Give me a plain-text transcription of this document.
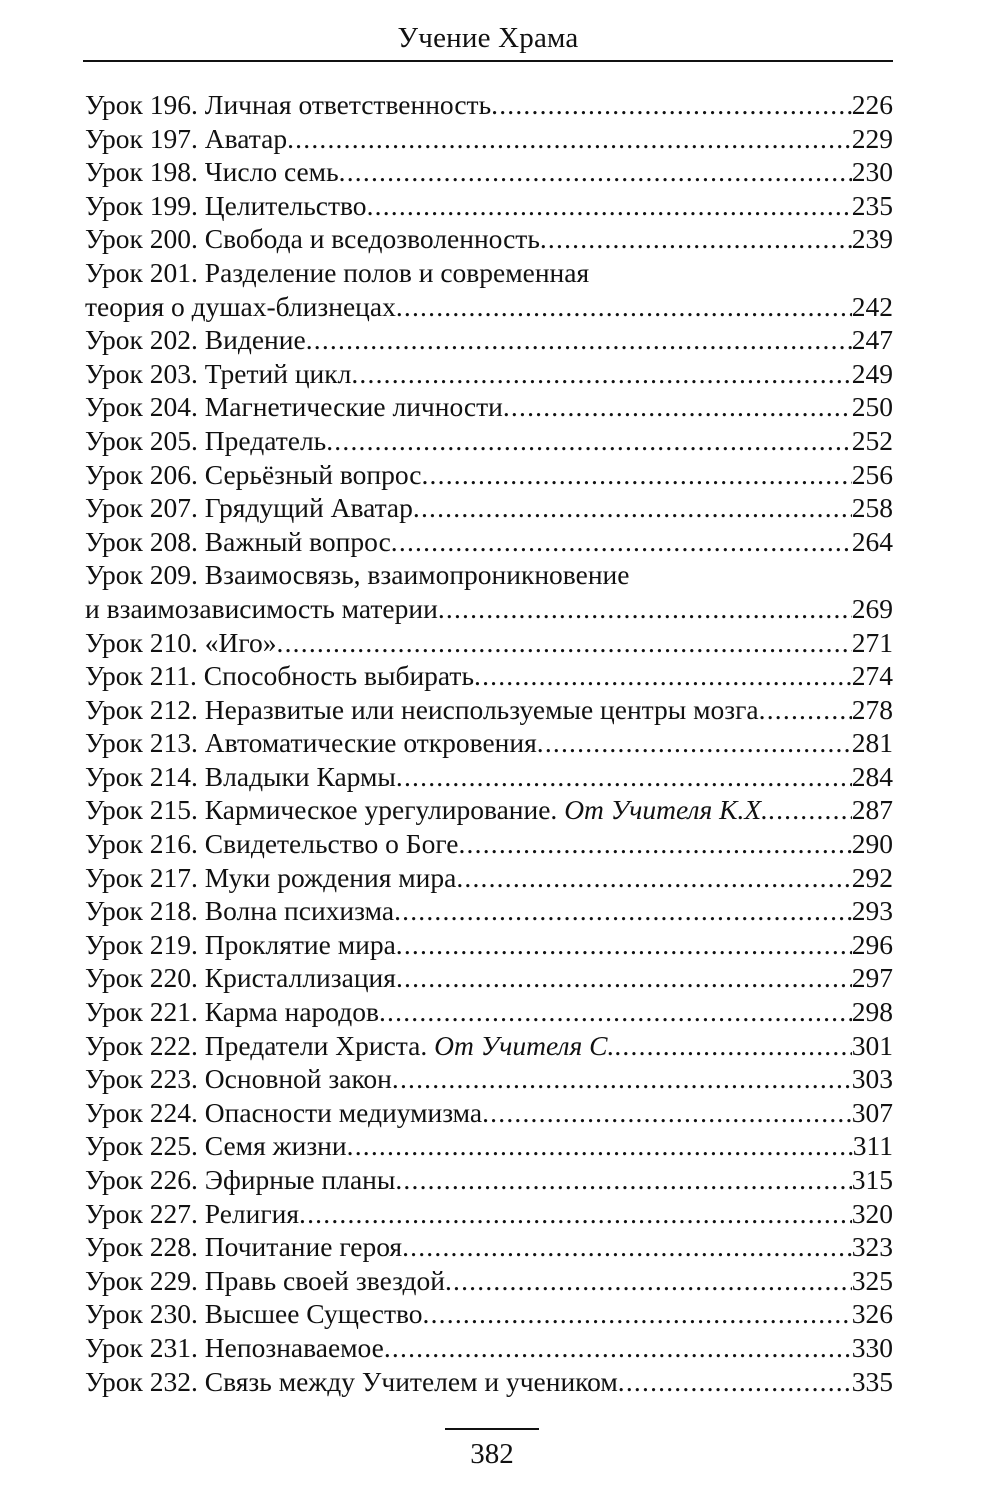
Учение Храма
Урок 196. Личная ответственность .....	226
Урок 197. Аватар .....	229
Урок 198. Число семь .....	230
Урок 199. Целительство .....	235
Урок 200. Свобода и вседозволенность .....	239
Урок 201. Разделение полов и современная
теория о душах-близнецах .....	242
Урок 202. Видение .....	247
Урок 203. Третий цикл .....	249
Урок 204. Магнетические личности .....	250
Урок 205. Предатель .....	252
Урок 206. Серьёзный вопрос .....	256
Урок 207. Грядущий Аватар .....	258
Урок 208. Важный вопрос .....	264
Урок 209. Взаимосвязь, взаимопроникновение
и взаимозависимость материи .....	269
Урок 210. «Иго» .....	271
Урок 211. Способность выбирать .....	274
Урок 212. Неразвитые или неиспользуемые центры мозга .....	278
Урок 213. Автоматические откровения .....	281
Урок 214. Владыки Кармы .....	284
Урок 215. Кармическое урегулирование. От Учителя К.Х. .....	287
Урок 216. Свидетельство о Боге .....	290
Урок 217. Муки рождения мира .....	292
Урок 218. Волна психизма .....	293
Урок 219. Проклятие мира .....	296
Урок 220. Кристаллизация .....	297
Урок 221. Карма народов .....	298
Урок 222. Предатели Христа. От Учителя С. .....	301
Урок 223. Основной закон .....	303
Урок 224. Опасности медиумизма .....	307
Урок 225. Семя жизни .....	311
Урок 226. Эфирные планы .....	315
Урок 227. Религия .....	320
Урок 228. Почитание героя .....	323
Урок 229. Правь своей звездой .....	325
Урок 230. Высшее Существо .....	326
Урок 231. Непознаваемое .....	330
Урок 232. Связь между Учителем и учеником .....	335
382
